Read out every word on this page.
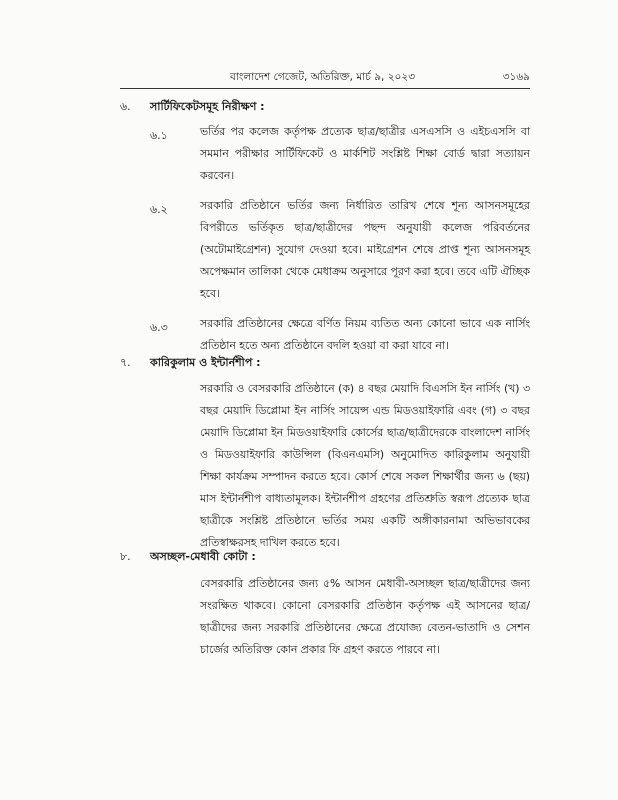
বাংলাদেশ গেজেট, অতিরিক্ত, মার্চ ৯, ২০২৩	৩১৬৯
৬. সার্টিফিকেটসমূহ নিরীক্ষণ :
৬.১	ভর্তির পর কলেজ কর্তৃপক্ষ প্রত্যেক ছাত্র/ছাত্রীর এসএসসি ও এইচএসসি বা সমমান পরীক্ষার সার্টিফিকেট ও মার্কশিট সংশ্লিষ্ট শিক্ষা বোর্ড দ্বারা সত্যায়ন করবেন।

৬.২	সরকারি প্রতিষ্ঠানে ভর্তির জন্য নির্ধারিত তারিখ শেষে শূন্য আসনসমূহের বিপরীতে ভর্তিকৃত ছাত্র/ছাত্রীদের পছন্দ অনুযায়ী কলেজ পরিবর্তনের (অটোমাইগ্রেশন) সুযোগ দেওয়া হবে। মাইগ্রেশন শেষে প্রাপ্ত শূন্য আসনসমূহ অপেক্ষমান তালিকা থেকে মেধাক্রম অনুসারে পূরণ করা হবে। তবে এটি ঐচ্ছিক হবে।

৬.৩	সরকারি প্রতিষ্ঠানের ক্ষেত্রে বর্ণিত নিয়ম ব্যতিত অন্য কোনো ভাবে এক নার্সিং প্রতিষ্ঠান হতে অন্য প্রতিষ্ঠানে বদলি হওয়া বা করা যাবে না।

৭. কারিকুলাম ও ইন্টার্নশীপ :

সরকারি ও বেসরকারি প্রতিষ্ঠানে (ক) ৪ বছর মেয়াদি বিএসসি ইন নার্সিং (খ) ৩ বছর মেয়াদি ডিপ্লোমা ইন নার্সিং সায়েন্স এন্ড মিডওয়াইফারি এবং (গ) ৩ বছর মেয়াদি ডিপ্লোমা ইন মিডওয়াইফারি কোর্সের ছাত্র/ছাত্রীদেরকে বাংলাদেশ নার্সিং ও মিডওয়াইফারি কাউন্সিল (বিএনএমসি) অনুমোদিত কারিকুলাম অনুযায়ী শিক্ষা কার্যক্রম সম্পাদন করতে হবে। কোর্স শেষে সকল শিক্ষার্থীর জন্য ৬ (ছয়) মাস ইন্টার্নশীপ বাধ্যতামূলক। ইন্টার্নশীপ গ্রহণের প্রতিশ্রুতি স্বরূপ প্রত্যেক ছাত্র ছাত্রীকে সংশ্লিষ্ট প্রতিষ্ঠানে ভর্তির সময় একটি অঙ্গীকারনামা অভিভাবকের প্রতিস্বাক্ষরসহ দাখিল করতে হবে।

৮. অসচ্ছল-মেধাবী কোটা :

বেসরকারি প্রতিষ্ঠানের জন্য ৫% আসন মেধাবী-অসচ্ছল ছাত্র/ছাত্রীদের জন্য সংরক্ষিত থাকবে। কোনো বেসরকারি প্রতিষ্ঠান কর্তৃপক্ষ এই আসনের ছাত্র/ছাত্রীদের জন্য সরকারি প্রতিষ্ঠানের ক্ষেত্রে প্রযোজ্য বেতন-ভাতাদি ও সেশন চার্জের অতিরিক্ত কোন প্রকার ফি গ্রহণ করতে পারবে না।
